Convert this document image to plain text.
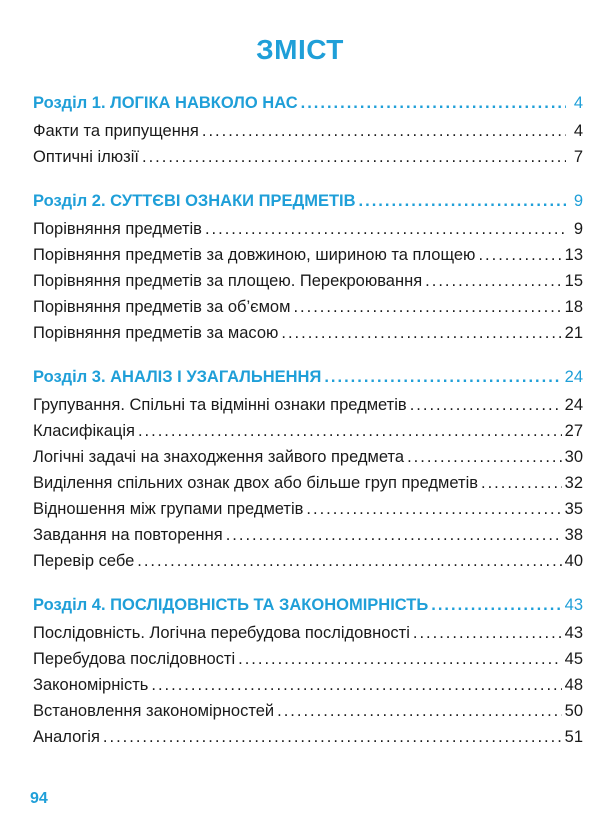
ЗМІСТ
Розділ 1. ЛОГІКА НАВКОЛО НАС .....	4
Факти та припущення .....	4
Оптичні ілюзії .....	7
Розділ 2. СУТТЄВІ ОЗНАКИ ПРЕДМЕТІВ .....	9
Порівняння предметів .....	9
Порівняння предметів за довжиною, шириною та площею .....	13
Порівняння предметів за площею. Перекроювання .....	15
Порівняння предметів за об’ємом .....	18
Порівняння предметів за масою .....	21
Розділ 3. АНАЛІЗ І УЗАГАЛЬНЕННЯ .....	24
Групування. Спільні та відмінні ознаки предметів .....	24
Класифікація .....	27
Логічні задачі на знаходження зайвого предмета .....	30
Виділення спільних ознак двох або більше груп предметів .....	32
Відношення між групами предметів .....	35
Завдання на повторення .....	38
Перевір себе .....	40
Розділ 4. ПОСЛІДОВНІСТЬ ТА ЗАКОНОМІРНІСТЬ .....	43
Послідовність. Логічна перебудова послідовності .....	43
Перебудова послідовності .....	45
Закономірність .....	48
Встановлення закономірностей .....	50
Аналогія .....	51
94
